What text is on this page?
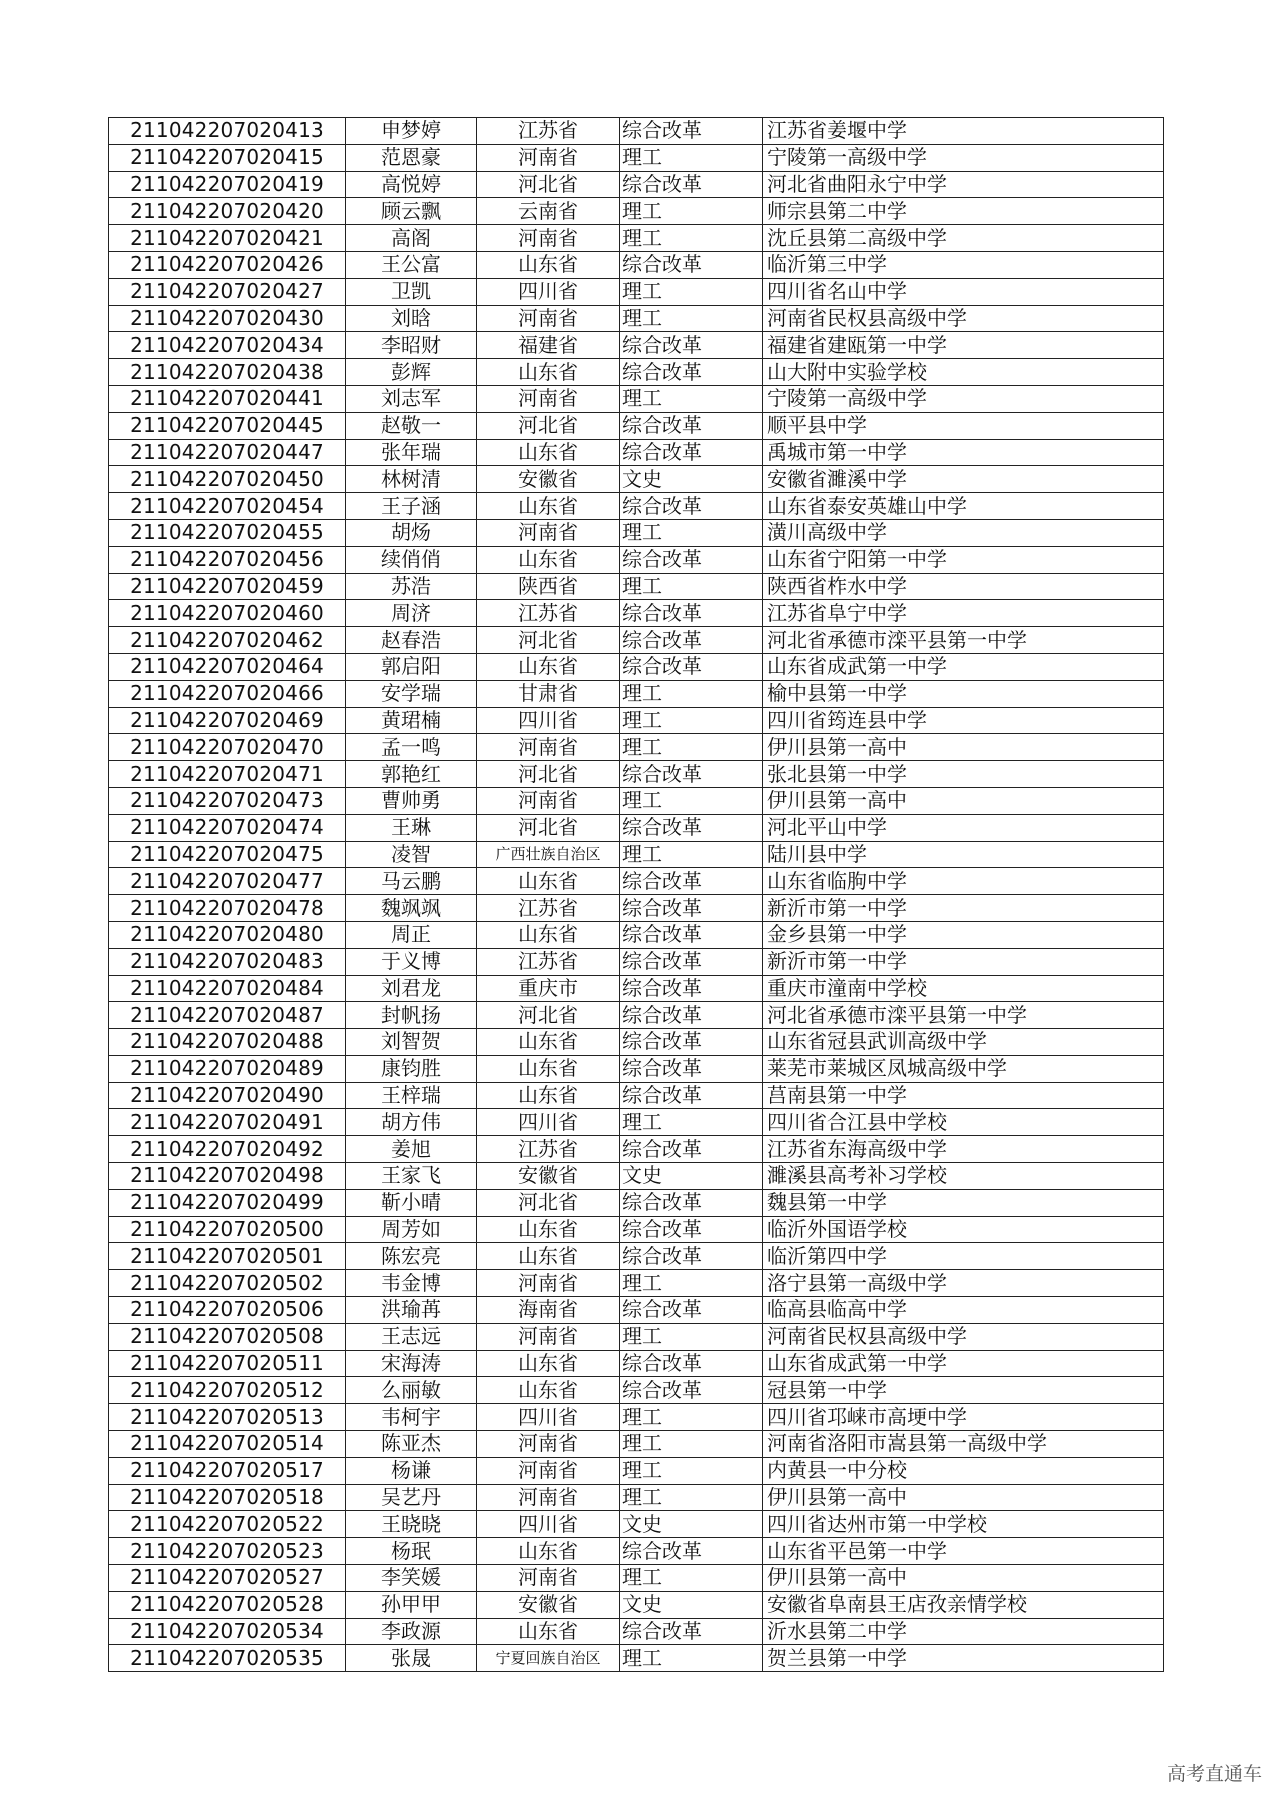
211042207020413	申梦婷	江苏省	综合改革	江苏省姜堰中学
211042207020415	范恩豪	河南省	理工	宁陵第一高级中学
211042207020419	高悦婷	河北省	综合改革	河北省曲阳永宁中学
211042207020420	顾云飘	云南省	理工	师宗县第二中学
211042207020421	高阁	河南省	理工	沈丘县第二高级中学
211042207020426	王公富	山东省	综合改革	临沂第三中学
211042207020427	卫凯	四川省	理工	四川省名山中学
211042207020430	刘晗	河南省	理工	河南省民权县高级中学
211042207020434	李昭财	福建省	综合改革	福建省建瓯第一中学
211042207020438	彭辉	山东省	综合改革	山大附中实验学校
211042207020441	刘志军	河南省	理工	宁陵第一高级中学
211042207020445	赵敬一	河北省	综合改革	顺平县中学
211042207020447	张年瑞	山东省	综合改革	禹城市第一中学
211042207020450	林树清	安徽省	文史	安徽省濉溪中学
211042207020454	王子涵	山东省	综合改革	山东省泰安英雄山中学
211042207020455	胡炀	河南省	理工	潢川高级中学
211042207020456	续俏俏	山东省	综合改革	山东省宁阳第一中学
211042207020459	苏浩	陕西省	理工	陕西省柞水中学
211042207020460	周济	江苏省	综合改革	江苏省阜宁中学
211042207020462	赵春浩	河北省	综合改革	河北省承德市滦平县第一中学
211042207020464	郭启阳	山东省	综合改革	山东省成武第一中学
211042207020466	安学瑞	甘肃省	理工	榆中县第一中学
211042207020469	黄珺楠	四川省	理工	四川省筠连县中学
211042207020470	孟一鸣	河南省	理工	伊川县第一高中
211042207020471	郭艳红	河北省	综合改革	张北县第一中学
211042207020473	曹帅勇	河南省	理工	伊川县第一高中
211042207020474	王琳	河北省	综合改革	河北平山中学
211042207020475	凌智	广西壮族自治区	理工	陆川县中学
211042207020477	马云鹏	山东省	综合改革	山东省临朐中学
211042207020478	魏飒飒	江苏省	综合改革	新沂市第一中学
211042207020480	周正	山东省	综合改革	金乡县第一中学
211042207020483	于义博	江苏省	综合改革	新沂市第一中学
211042207020484	刘君龙	重庆市	综合改革	重庆市潼南中学校
211042207020487	封帆扬	河北省	综合改革	河北省承德市滦平县第一中学
211042207020488	刘智贺	山东省	综合改革	山东省冠县武训高级中学
211042207020489	康钧胜	山东省	综合改革	莱芜市莱城区凤城高级中学
211042207020490	王梓瑞	山东省	综合改革	莒南县第一中学
211042207020491	胡方伟	四川省	理工	四川省合江县中学校
211042207020492	姜旭	江苏省	综合改革	江苏省东海高级中学
211042207020498	王家飞	安徽省	文史	濉溪县高考补习学校
211042207020499	靳小晴	河北省	综合改革	魏县第一中学
211042207020500	周芳如	山东省	综合改革	临沂外国语学校
211042207020501	陈宏亮	山东省	综合改革	临沂第四中学
211042207020502	韦金博	河南省	理工	洛宁县第一高级中学
211042207020506	洪瑜苒	海南省	综合改革	临高县临高中学
211042207020508	王志远	河南省	理工	河南省民权县高级中学
211042207020511	宋海涛	山东省	综合改革	山东省成武第一中学
211042207020512	么丽敏	山东省	综合改革	冠县第一中学
211042207020513	韦柯宇	四川省	理工	四川省邛崃市高埂中学
211042207020514	陈亚杰	河南省	理工	河南省洛阳市嵩县第一高级中学
211042207020517	杨谦	河南省	理工	内黄县一中分校
211042207020518	吴艺丹	河南省	理工	伊川县第一高中
211042207020522	王晓晓	四川省	文史	四川省达州市第一中学校
211042207020523	杨珉	山东省	综合改革	山东省平邑第一中学
211042207020527	李笑媛	河南省	理工	伊川县第一高中
211042207020528	孙甲甲	安徽省	文史	安徽省阜南县王店孜亲情学校
211042207020534	李政源	山东省	综合改革	沂水县第二中学
211042207020535	张晟	宁夏回族自治区	理工	贺兰县第一中学
高考直通车
